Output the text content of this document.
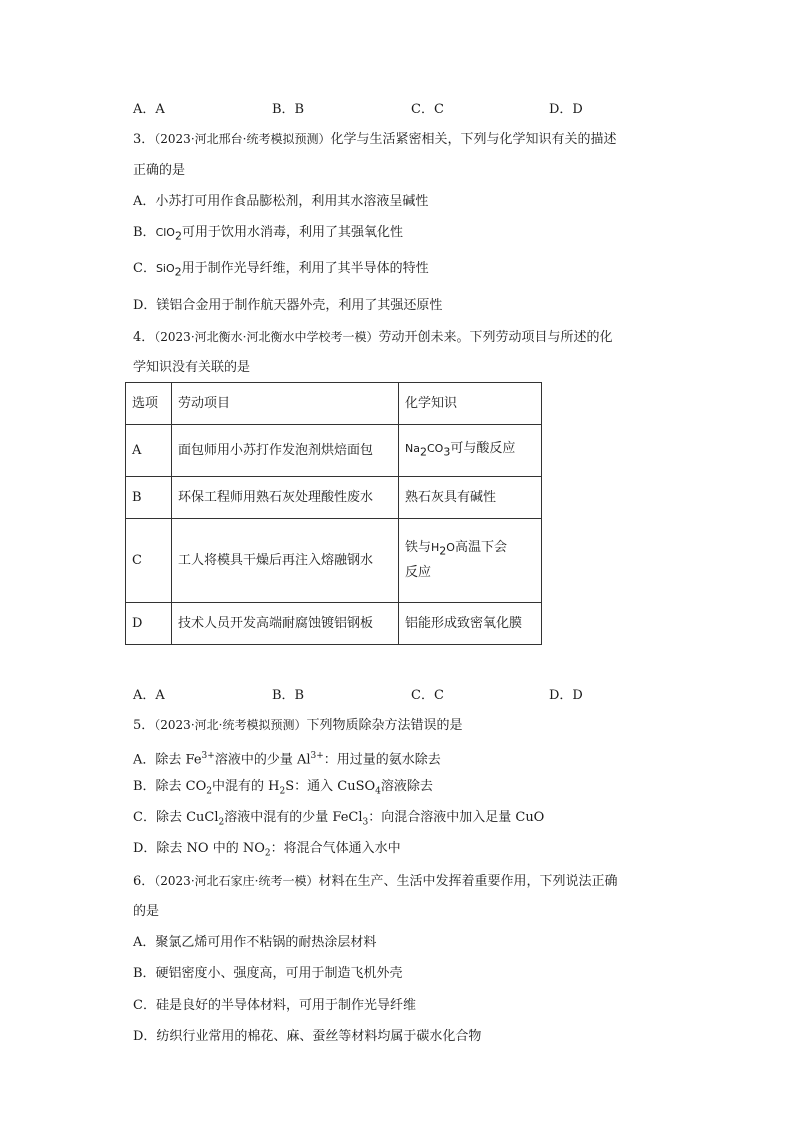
A．A	B．B	C．C	D．D
3．（2023·河北邢台·统考模拟预测）化学与生活紧密相关，下列与化学知识有关的描述
正确的是
A．小苏打可用作食品膨松剂，利用其水溶液呈碱性
B．ClO$_2$可用于饮用水消毒，利用了其强氧化性
C．SiO$_2$用于制作光导纤维，利用了其半导体的特性
D．镁铝合金用于制作航天器外壳，利用了其强还原性
4．（2023·河北衡水·河北衡水中学校考一模）劳动开创未来。下列劳动项目与所述的化
学知识没有关联的是
选项	劳动项目	化学知识
A	面包师用小苏打作发泡剂烘焙面包	$Na_2CO_3$可与酸反应
B	环保工程师用熟石灰处理酸性废水	熟石灰具有碱性
C	工人将模具干燥后再注入熔融钢水	铁与$H_2O$高温下会
反应
D	技术人员开发高端耐腐蚀镀铝钢板	铝能形成致密氧化膜
A．A	B．B	C．C	D．D
5．（2023·河北·统考模拟预测）下列物质除杂方法错误的是
A．除去 $Fe^{3+}$溶液中的少量 $Al^{3+}$：用过量的氨水除去
B．除去 $CO_2$中混有的 $H_2S$：通入 CuSO$_4$溶液除去
C．除去 CuCl$_2$溶液中混有的少量 FeCl$_3$：向混合溶液中加入足量 CuO
D．除去 NO 中的 $NO_2$：将混合气体通入水中
6．（2023·河北石家庄·统考一模）材料在生产、生活中发挥着重要作用，下列说法正确
的是
A．聚氯乙烯可用作不粘锅的耐热涂层材料
B．硬铝密度小、强度高，可用于制造飞机外壳
C．硅是良好的半导体材料，可用于制作光导纤维
D．纺织行业常用的棉花、麻、蚕丝等材料均属于碳水化合物
